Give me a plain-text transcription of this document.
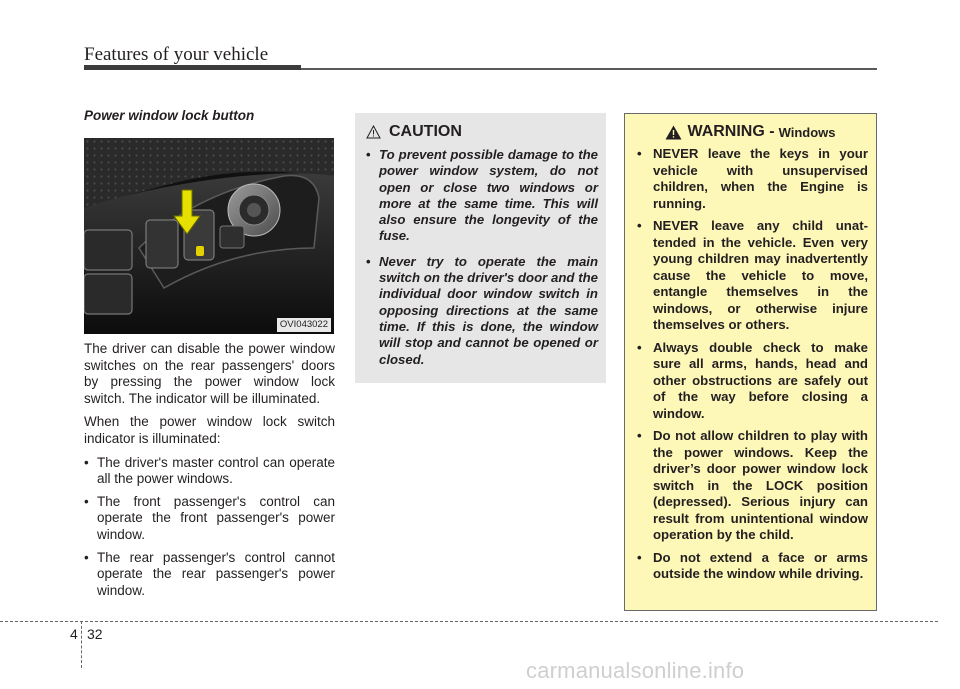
Features of your vehicle
Power window lock button
OVI043022

The driver can disable the power window switches on the rear passengers' doors by pressing the power window lock switch. The indicator will be illuminated.

When the power window lock switch indicator is illuminated:

• The driver's master control can operate all the power windows.
• The front passenger's control can operate the front passenger's power window.
• The rear passenger's control cannot operate the rear passenger's power window.
CAUTION
• To prevent possible damage to the power window system, do not open or close two windows or more at the same time. This will also ensure the longevity of the fuse.
• Never try to operate the main switch on the driver's door and the individual door window switch in opposing directions at the same time. If this is done, the window will stop and cannot be opened or closed.
WARNING - Windows
• NEVER leave the keys in your vehicle with unsupervised children, when the Engine is running.
• NEVER leave any child unattended in the vehicle. Even very young children may inadvertently cause the vehicle to move, entangle themselves in the windows, or otherwise injure themselves or others.
• Always double check to make sure all arms, hands, head and other obstructions are safely out of the way before closing a window.
• Do not allow children to play with the power windows. Keep the driver’s door power window lock switch in the LOCK position (depressed). Serious injury can result from unintentional window operation by the child.
• Do not extend a face or arms outside the window while driving.
4 32
carmanualsonline.info
